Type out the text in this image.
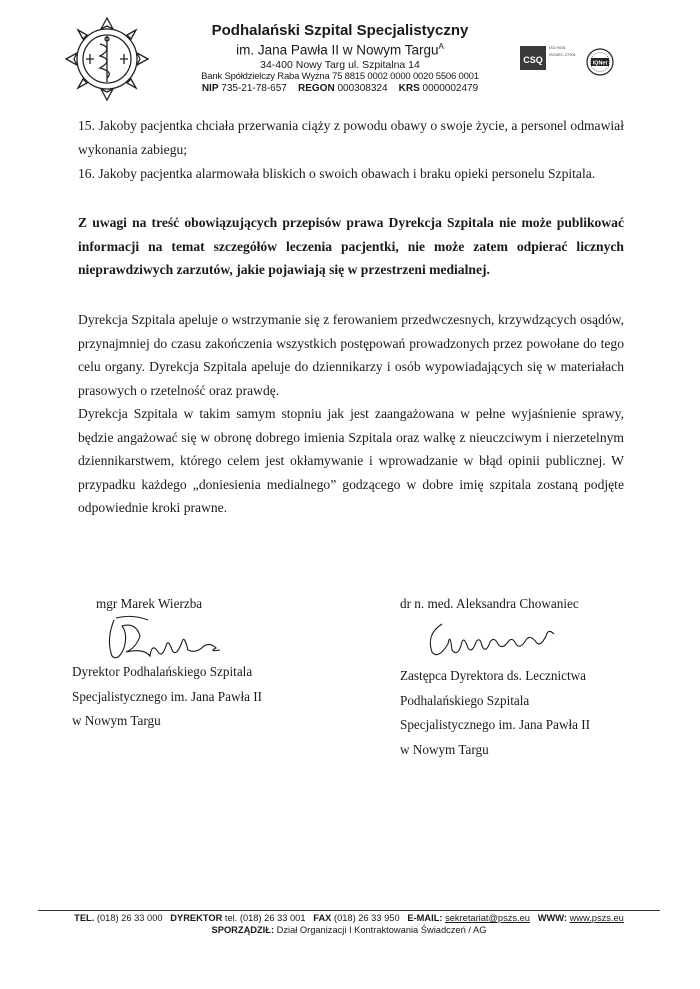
Podhalański Szpital Specjalistyczny
im. Jana Pawła II w Nowym Targu$^A$
34-400 Nowy Targ ul. Szpitalna 14
Bank Spółdzielczy Raba Wyżna 75 8815 0002 0000 0020 5506 0001
NIP 735-21-78-657 REGON 000308324 KRS 0000002479
CSQ
ISO 9001
ISO/IEC 27001
IQNet
15. Jakoby pacjentka chciała przerwania ciąży z powodu obawy o swoje życie, a personel odmawiał wykonania zabiegu;
16. Jakoby pacjentka alarmowała bliskich o swoich obawach i braku opieki personelu Szpitala.
Z uwagi na treść obowiązujących przepisów prawa Dyrekcja Szpitala nie może publikować informacji na temat szczegółów leczenia pacjentki, nie może zatem odpierać licznych nieprawdziwych zarzutów, jakie pojawiają się w przestrzeni medialnej.
Dyrekcja Szpitala apeluje o wstrzymanie się z ferowaniem przedwczesnych, krzywdzących osądów, przynajmniej do czasu zakończenia wszystkich postępowań prowadzonych przez powołane do tego celu organy. Dyrekcja Szpitala apeluje do dziennikarzy i osób wypowiadających się w materiałach prasowych o rzetelność oraz prawdę.
Dyrekcja Szpitala w takim samym stopniu jak jest zaangażowana w pełne wyjaśnienie sprawy, będzie angażować się w obronę dobrego imienia Szpitala oraz walkę z nieuczciwym i nierzetelnym dziennikarstwem, którego celem jest okłamywanie i wprowadzanie w błąd opinii publicznej. W przypadku każdego „doniesienia medialnego” godzącego w dobre imię szpitala zostaną podjęte odpowiednie kroki prawne.
mgr Marek Wierzba
Dyrektor Podhalańskiego Szpitala
Specjalistycznego im. Jana Pawła II
w Nowym Targu
dr n. med. Aleksandra Chowaniec
Zastępca Dyrektora ds. Lecznictwa
Podhalańskiego Szpitala
Specjalistycznego im. Jana Pawła II
w Nowym Targu
TEL. (018) 26 33 000 DYREKTOR tel. (018) 26 33 001 FAX (018) 26 33 950 E-MAIL: sekretariat@pszs.eu WWW: www.pszs.eu
SPORZĄDZIŁ: Dział Organizacji I Kontraktowania Świadczeń / AG
